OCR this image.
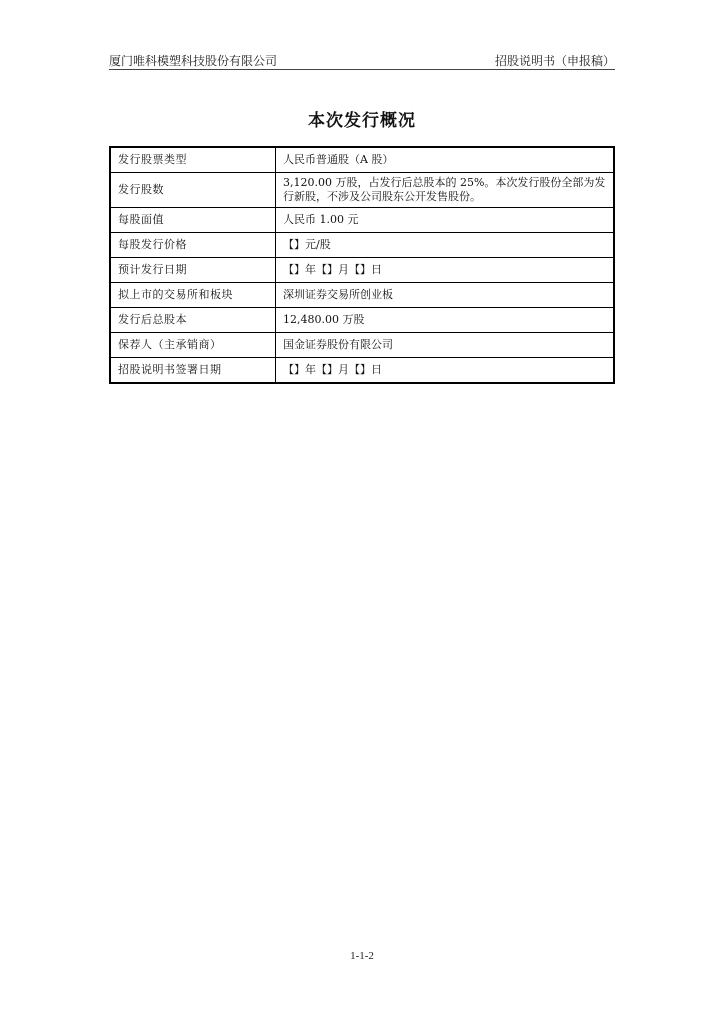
厦门唯科模塑科技股份有限公司	招股说明书（申报稿）
本次发行概况
发行股票类型	人民币普通股（A 股）
发行股数	3,120.00 万股，占发行后总股本的 25%。本次发行股份全部为发行新股，不涉及公司股东公开发售股份。
每股面值	人民币 1.00 元
每股发行价格	【】元/股
预计发行日期	【】年【】月【】日
拟上市的交易所和板块	深圳证券交易所创业板
发行后总股本	12,480.00 万股
保荐人（主承销商）	国金证券股份有限公司
招股说明书签署日期	【】年【】月【】日
1-1-2
